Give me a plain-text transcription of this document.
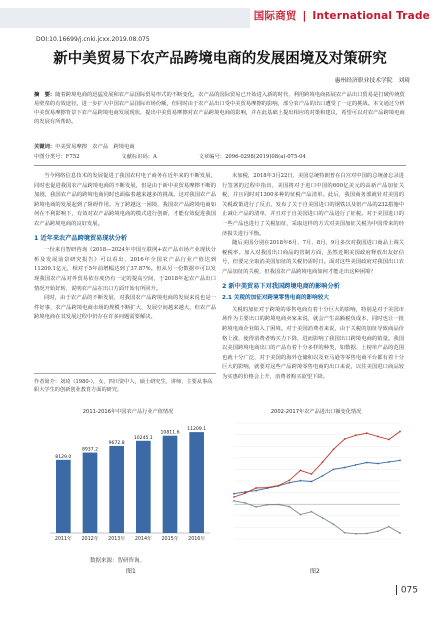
国际商贸 | International Trade
DOI:10.16699/j.cnki.jcxx.2019.08.075
新中美贸易下农产品跨境电商的发展困境及对策研究
惠州经济职业技术学院　刘琦
摘　要：随着跨境电商的迅猛发展和农产品国际贸易形式的不断变化，农产品的国际贸易已开始进入新的时代，利用跨境电商拓展农产品出口贸易是打破传统贸易壁垒的有效途径。进一步扩大中国农产品国际市场份额，但同时由于农产品出口受中美贸易摩擦的影响，部分农产品的出口遭受了一定的挑战。本文通过分析中美贸易摩擦背景下农产品跨境电商发展现状，提出中美贸易摩擦对农产品跨境电商的影响，并在此基础上提出相应的对策和建议，希望可以对农产品跨境电商的发展有所帮助。
关键词：中美贸易摩擦　农产品　跨境电商
中图分类号：F752	文献标识码：A	文章编号：2096-0298(2019)08(a)-075-04

当今网络信息技术的发展促进了我国农村电子商务在近年来的不断发展，同时也促进我国农产品跨境电商的不断发展，但是由于新中美贸易摩擦不断的加剧，我国农产品的跨境电商同时也面临着越来越多的挑战。这对我国农产品跨境电商的发展起到了阻碍作用。为了跨越这一困境，我国农产品跨境电商如何在不利影响下，有效对农产品跨境电商的模式进行创新，才能有效促进我国农产品跨境电商的良好发展。

1 近年来农产品跨境贸易现状分析

一份来自智研咨询《2018—2024年中国互联网+农产品市场产业现状分析及发展前景研究报告》可以看出，2016年全国农产品行业产值达到11209.1亿元，相对于5年前增幅达到了37.87%。但从另一份数据中可以发现我国农产品对外贸易依存度仍有一定的提高空间，于2018年起农产品出口情况开始好转，说明农产品在出口方面开始有所回升。

同时，由于农产品的不断发展，对我国农产品跨境电商的发展来说也是一件好事，农产品跨境电商市场的规模不断扩大，发展空间越来越大，但农产品跨境电商在其发展过程中仍存在许多问题需要解决。

作者简介：刘琦（1980-），女，四川资中人，硕士研究生，讲师，主要从事高职大学生的创新创业教育方面的研究。

未加税，2018年3月22日，美国总统特朗普在白宫对中国的总统备忘录进行签署的过程中指出，美国将对于进口中国的600亿美元的高新产品加征关税，并且同时对1300多种的征税产品清单。此后，我国商务部就针对美国的关税政策进行了反击，发布了关于自美国进口的钢铁以及铝产品的232措施中止减让产品的清单，并且对于自美国进口的产品进行了征税。对于美国进口的一些产品也进行了关税加征，采取这样的方式对美国加征关税为中国带来的经济损失进行平衡。

随后美国分别在2018年6月、7月、8月、9月多次对我国进口商品上调关税税率。加入对我国出口商品的管制方面，虽然近期美国政府释放出友好信号，但要完全取消美国加征的关税仍需时日。面对这些美国政府对我国出口农产品加征的关税，但我国农产品跨境电商如何才能走出这种困境？

2 新中美贸易下对我国跨境电商的影响分析
2.1 关税的加征对跨境零售电商的影响较大

关税的加征对于跨境的零售电商有着十分巨大的影响，特别是对于美国市场作为主要出口的跨境电商卖家来说，就会产生高额税负成本，同时也让一批跨境电商企业陷入了困境。对于美国消费者来说，由于关税的加征导致商品价格上涨，使得消费者购买力下降，进而影响了我国出口跨境电商的销量。我国以美国跨境电商出口的产品有着十分多样的种类，如数据、上榜单产品的范围也就十分广泛，对于美国的海外仓储和以及亚马逊等零售电商平台都有着十分巨大的影响，就要对这些产品跨境零售电商的出口来说，以往美国进口商品较为实惠的价格会上升，消费者购买欲望下降。

2011-2016年中国农产品行业产值情况
8129.0
2011年
8937.2
2012年
9672.8
2013年
10245.1
2014年
10811.6
2015年
11209.1
2016年
数据来源：智研咨询。
2002-2017年农产品进出口额变化情况
图1	图2
075
